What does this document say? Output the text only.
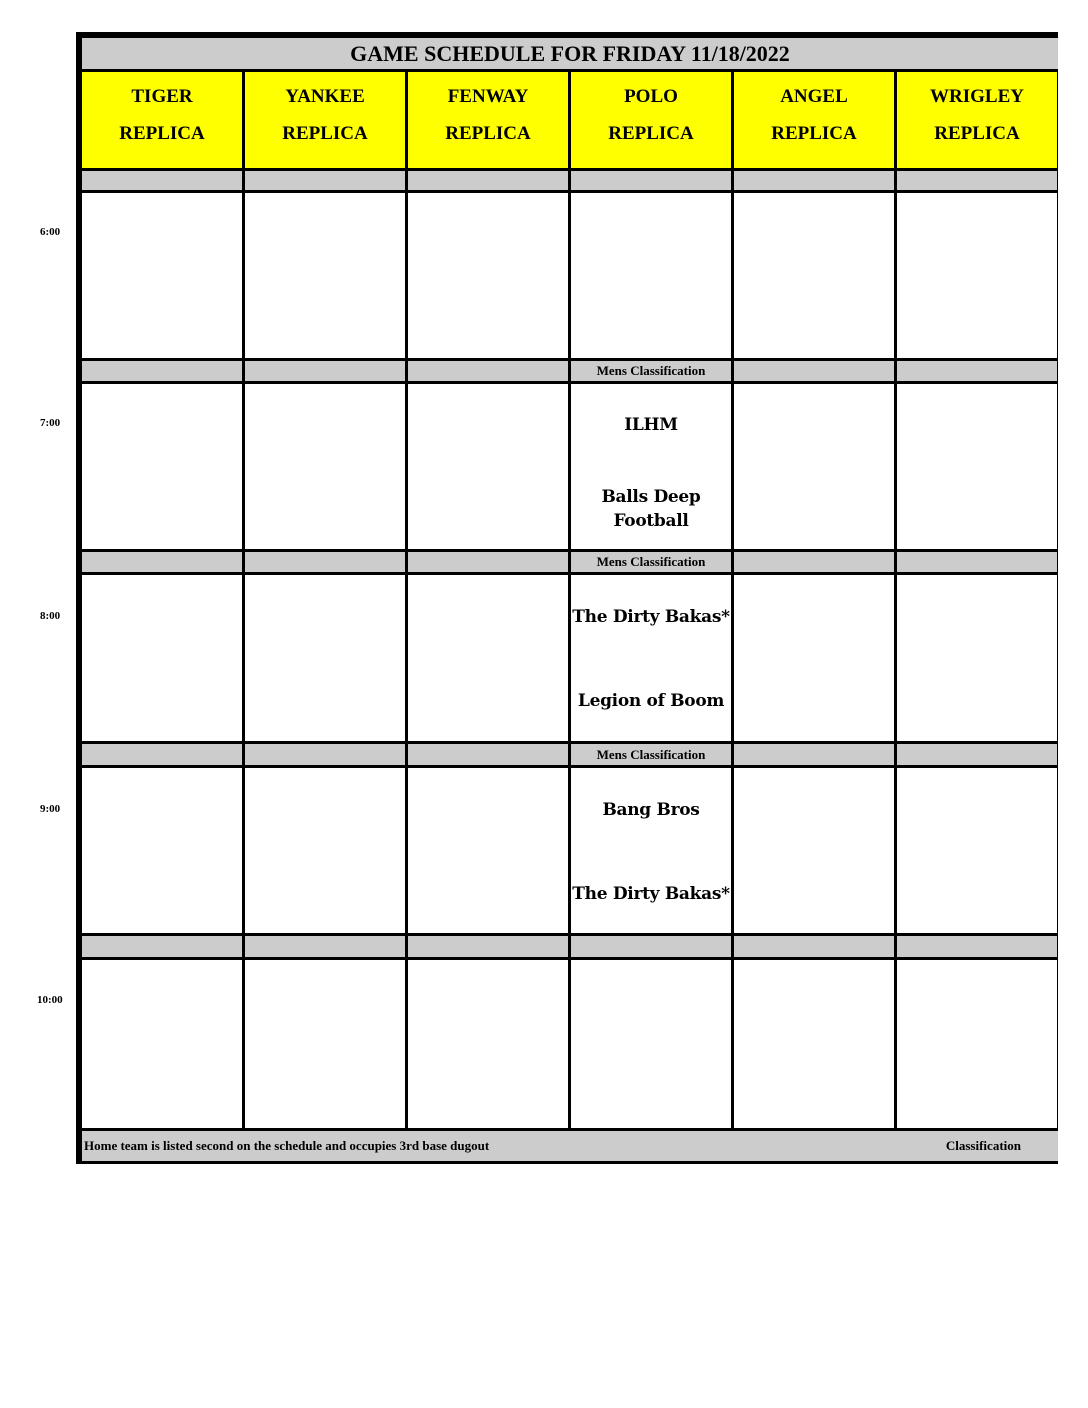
6:00
7:00
8:00
9:00
10:00
GAME SCHEDULE FOR FRIDAY 11/18/2022
TIGER
REPLICA
YANKEE
REPLICA
FENWAY
REPLICA
POLO
REPLICA
ANGEL
REPLICA
WRIGLEY
REPLICA
Mens Classification
ILHM
Balls Deep Football
Mens Classification
The Dirty Bakas*
Legion of Boom
Mens Classification
Bang Bros
The Dirty Bakas*
Home team is listed second on the schedule and occupies 3rd base dugout	Classification
